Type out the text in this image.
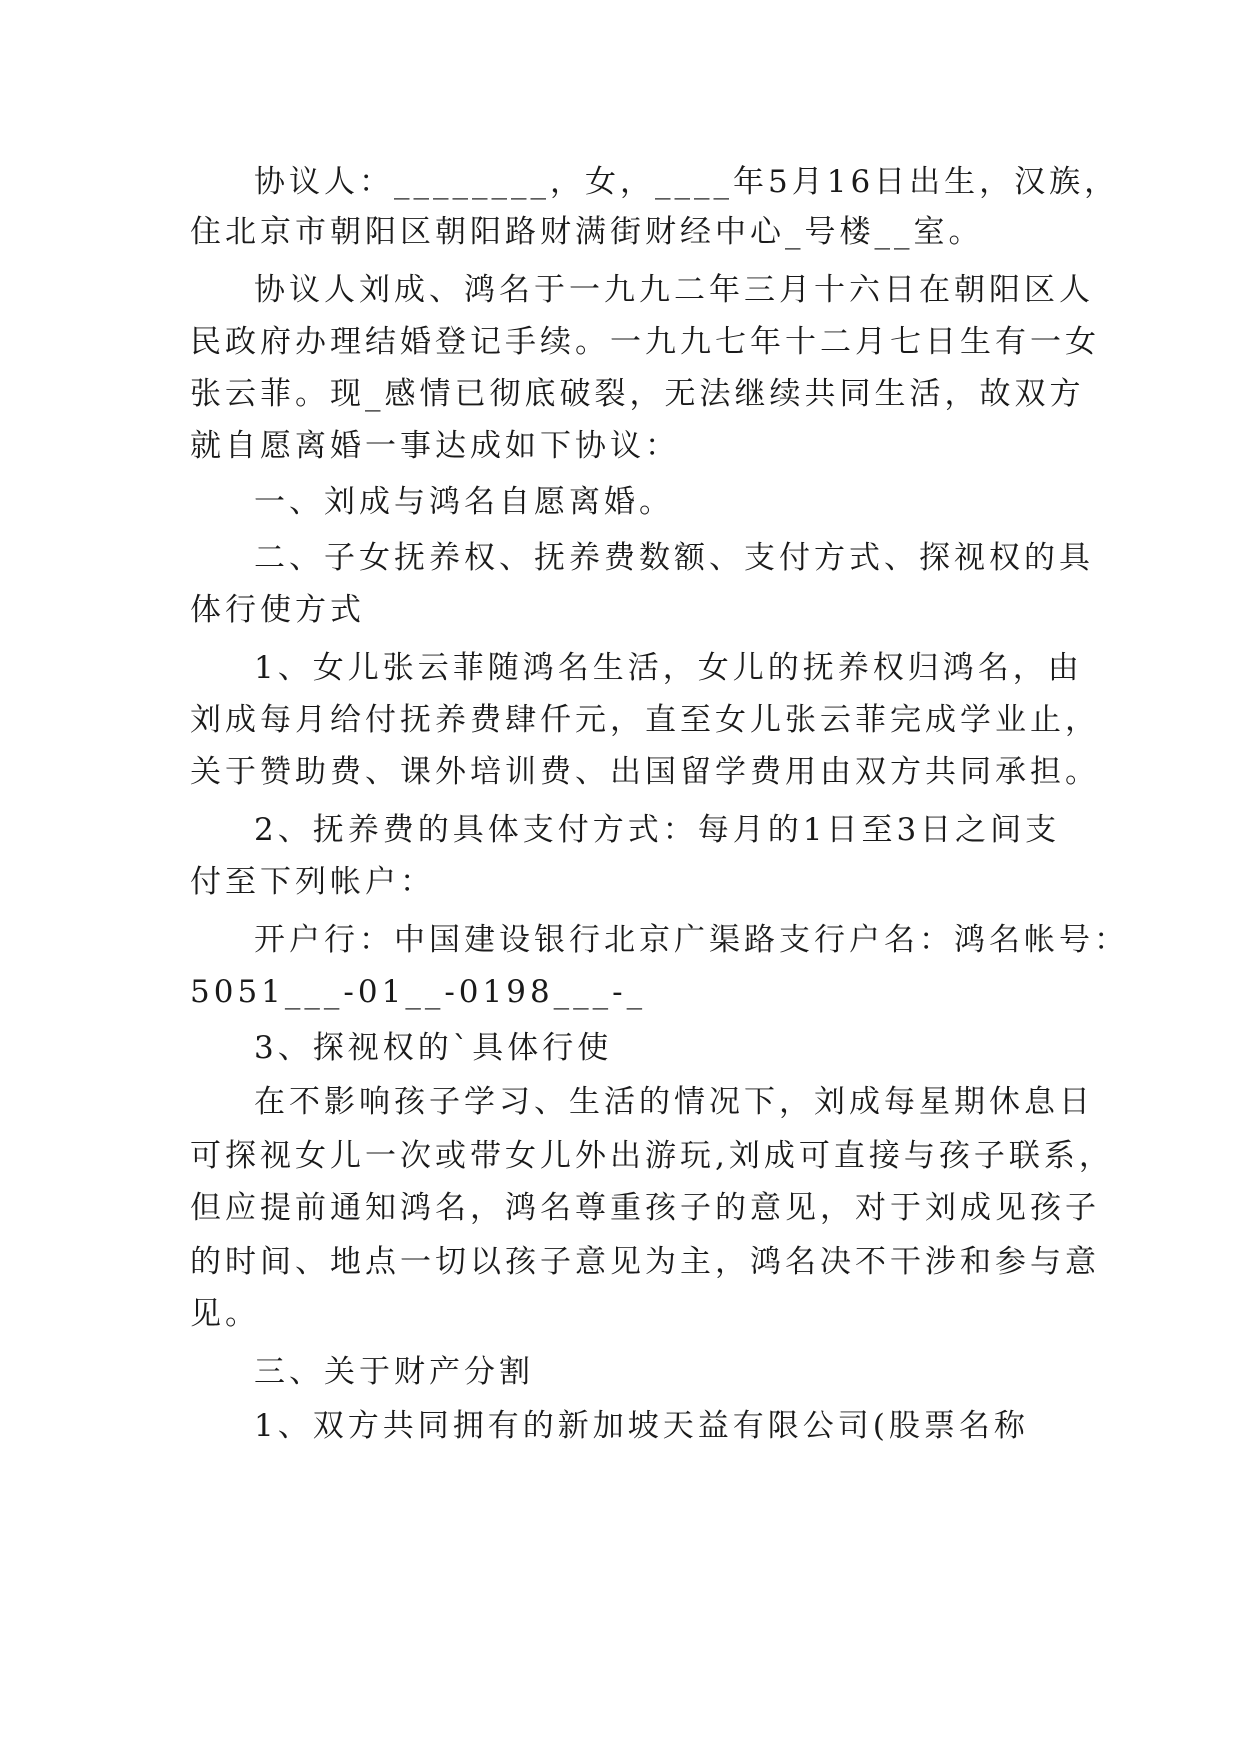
协议人：________，女，____年5月16日出生，汉族，
住北京市朝阳区朝阳路财满街财经中心_号楼__室。
协议人刘成、鸿名于一九九二年三月十六日在朝阳区人
民政府办理结婚登记手续。一九九七年十二月七日生有一女
张云菲。现_感情已彻底破裂，无法继续共同生活，故双方
就自愿离婚一事达成如下协议：
一、刘成与鸿名自愿离婚。
二、子女抚养权、抚养费数额、支付方式、探视权的具
体行使方式
1、女儿张云菲随鸿名生活，女儿的抚养权归鸿名，由
刘成每月给付抚养费肆仟元，直至女儿张云菲完成学业止，
关于赞助费、课外培训费、出国留学费用由双方共同承担。
2、抚养费的具体支付方式：每月的1日至3日之间支
付至下列帐户：
开户行：中国建设银行北京广渠路支行户名：鸿名帐号：
5051___-01__-0198___-_
3、探视权的`具体行使
在不影响孩子学习、生活的情况下，刘成每星期休息日
可探视女儿一次或带女儿外出游玩,刘成可直接与孩子联系，
但应提前通知鸿名，鸿名尊重孩子的意见，对于刘成见孩子
的时间、地点一切以孩子意见为主，鸿名决不干涉和参与意
见。
三、关于财产分割
1、双方共同拥有的新加坡天益有限公司(股票名称
